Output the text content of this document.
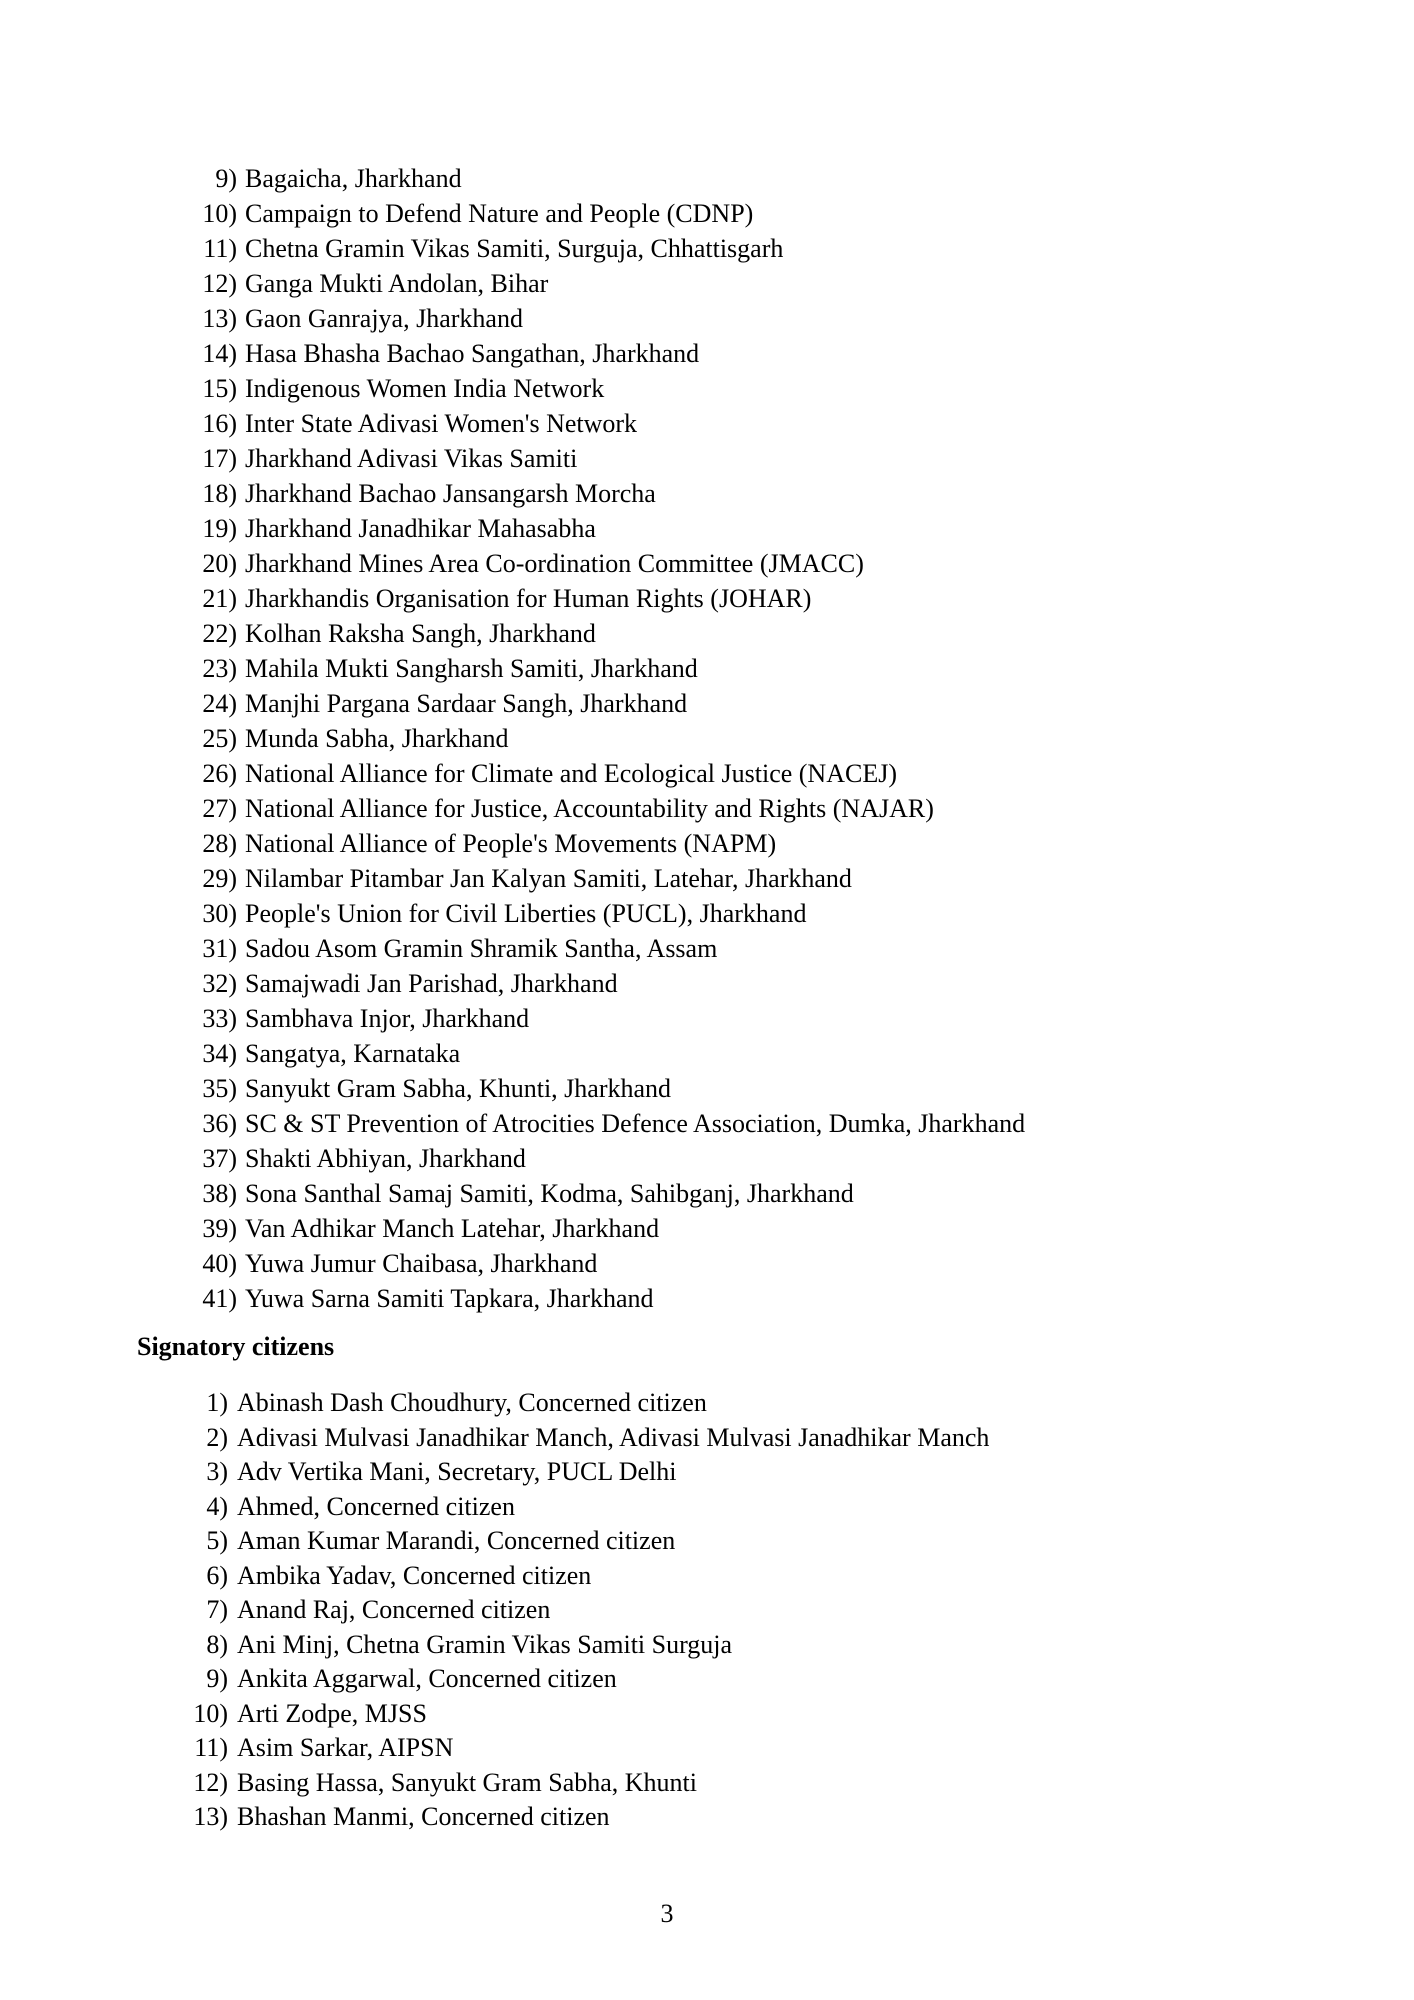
9) Bagaicha, Jharkhand
10) Campaign to Defend Nature and People (CDNP)
11) Chetna Gramin Vikas Samiti, Surguja, Chhattisgarh
12) Ganga Mukti Andolan, Bihar
13) Gaon Ganrajya, Jharkhand
14) Hasa Bhasha Bachao Sangathan, Jharkhand
15) Indigenous Women India Network
16) Inter State Adivasi Women's Network
17) Jharkhand Adivasi Vikas Samiti
18) Jharkhand Bachao Jansangarsh Morcha
19) Jharkhand Janadhikar Mahasabha
20) Jharkhand Mines Area Co-ordination Committee (JMACC)
21) Jharkhandis Organisation for Human Rights (JOHAR)
22) Kolhan Raksha Sangh, Jharkhand
23) Mahila Mukti Sangharsh Samiti, Jharkhand
24) Manjhi Pargana Sardaar Sangh, Jharkhand
25) Munda Sabha, Jharkhand
26) National Alliance for Climate and Ecological Justice (NACEJ)
27) National Alliance for Justice, Accountability and Rights (NAJAR)
28) National Alliance of People's Movements (NAPM)
29) Nilambar Pitambar Jan Kalyan Samiti, Latehar, Jharkhand
30) People's Union for Civil Liberties (PUCL), Jharkhand
31) Sadou Asom Gramin Shramik Santha, Assam
32) Samajwadi Jan Parishad, Jharkhand
33) Sambhava Injor, Jharkhand
34) Sangatya, Karnataka
35) Sanyukt Gram Sabha, Khunti, Jharkhand
36) SC & ST Prevention of Atrocities Defence Association, Dumka, Jharkhand
37) Shakti Abhiyan, Jharkhand
38) Sona Santhal Samaj Samiti, Kodma, Sahibganj, Jharkhand
39) Van Adhikar Manch Latehar, Jharkhand
40) Yuwa Jumur Chaibasa, Jharkhand
41) Yuwa Sarna Samiti Tapkara, Jharkhand
Signatory citizens
1) Abinash Dash Choudhury, Concerned citizen
2) Adivasi Mulvasi Janadhikar Manch, Adivasi Mulvasi Janadhikar Manch
3) Adv Vertika Mani, Secretary, PUCL Delhi
4) Ahmed, Concerned citizen
5) Aman Kumar Marandi, Concerned citizen
6) Ambika Yadav, Concerned citizen
7) Anand Raj, Concerned citizen
8) Ani Minj, Chetna Gramin Vikas Samiti Surguja
9) Ankita Aggarwal, Concerned citizen
10) Arti Zodpe, MJSS
11) Asim Sarkar, AIPSN
12) Basing Hassa, Sanyukt Gram Sabha, Khunti
13) Bhashan Manmi, Concerned citizen
3
